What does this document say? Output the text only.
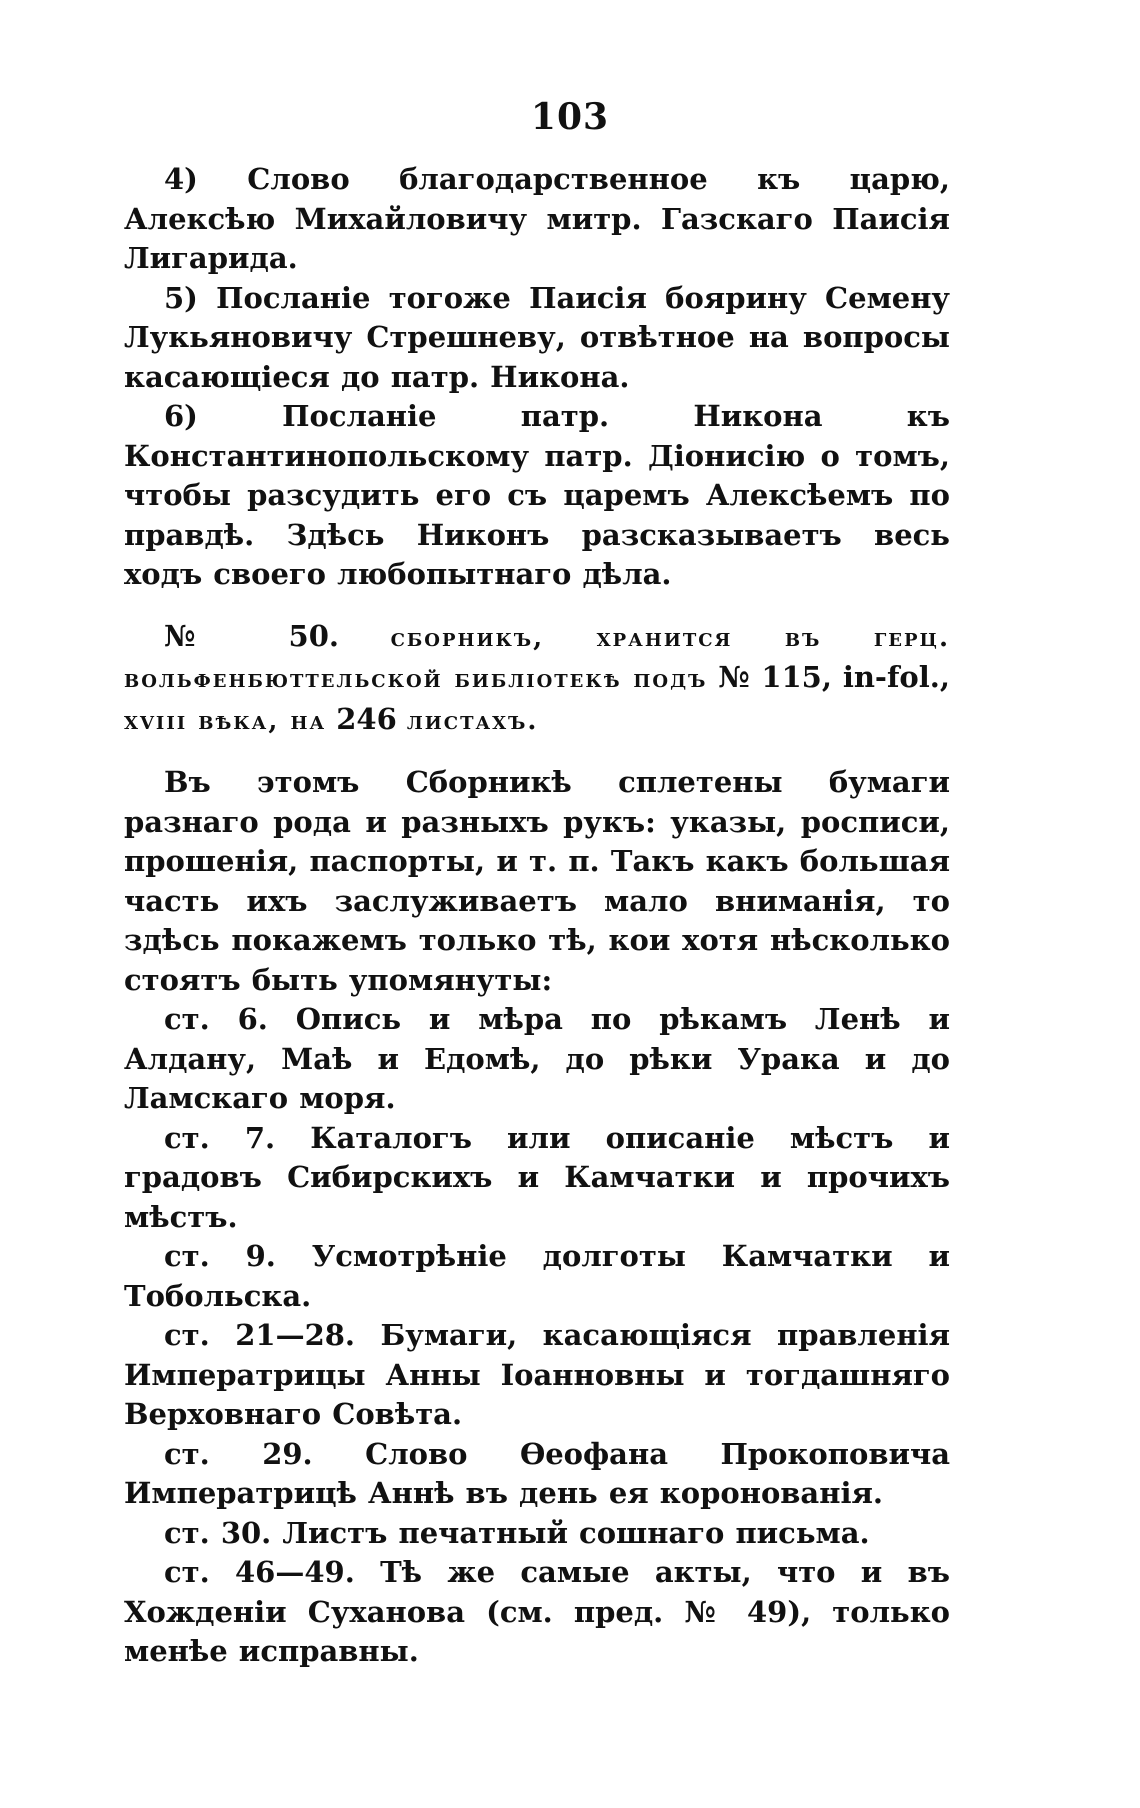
103

4) Слово благодарственное къ царю, Алексѣю Михайловичу митр. Газскаго Паисія Лигарида.

5) Посланіе тогоже Паисія боярину Семену Лукьяновичу Стрешневу, отвѣтное на вопросы касающіеся до патр. Никона.

6) Посланіе патр. Никона къ Константинопольскому патр. Діонисію о томъ, чтобы разсудить его съ царемъ Алексѣемъ по правдѣ. Здѣсь Никонъ разсказываетъ весь ходъ своего любопытнаго дѣла.

№ 50. сборникъ, хранится въ герц. вольфенбюттельской библіотекѣ подъ № 115, in-fol., xviii вѣка, на 246 листахъ.

Въ этомъ Сборникѣ сплетены бумаги разнаго рода и разныхъ рукъ: указы, росписи, прошенія, паспорты, и т. п. Такъ какъ большая часть ихъ заслуживаетъ мало вниманія, то здѣсь покажемъ только тѣ, кои хотя нѣсколько стоятъ быть упомянуты:

ст. 6. Опись и мѣра по рѣкамъ Ленѣ и Алдану, Маѣ и Едомѣ, до рѣки Урака и до Ламскаго моря.

ст. 7. Каталогъ или описаніе мѣстъ и градовъ Сибирскихъ и Камчатки и прочихъ мѣстъ.

ст. 9. Усмотрѣніе долготы Камчатки и Тобольска.

ст. 21—28. Бумаги, касающіяся правленія Императрицы Анны Іоанновны и тогдашняго Верховнаго Совѣта.

ст. 29. Слово Ѳеофана Прокоповича Императрицѣ Аннѣ въ день ея коронованія.

ст. 30. Листъ печатный сошнаго письма.

ст. 46—49. Тѣ же самые акты, что и въ Хожденіи Суханова (см. пред. № 49), только менѣе исправны.
